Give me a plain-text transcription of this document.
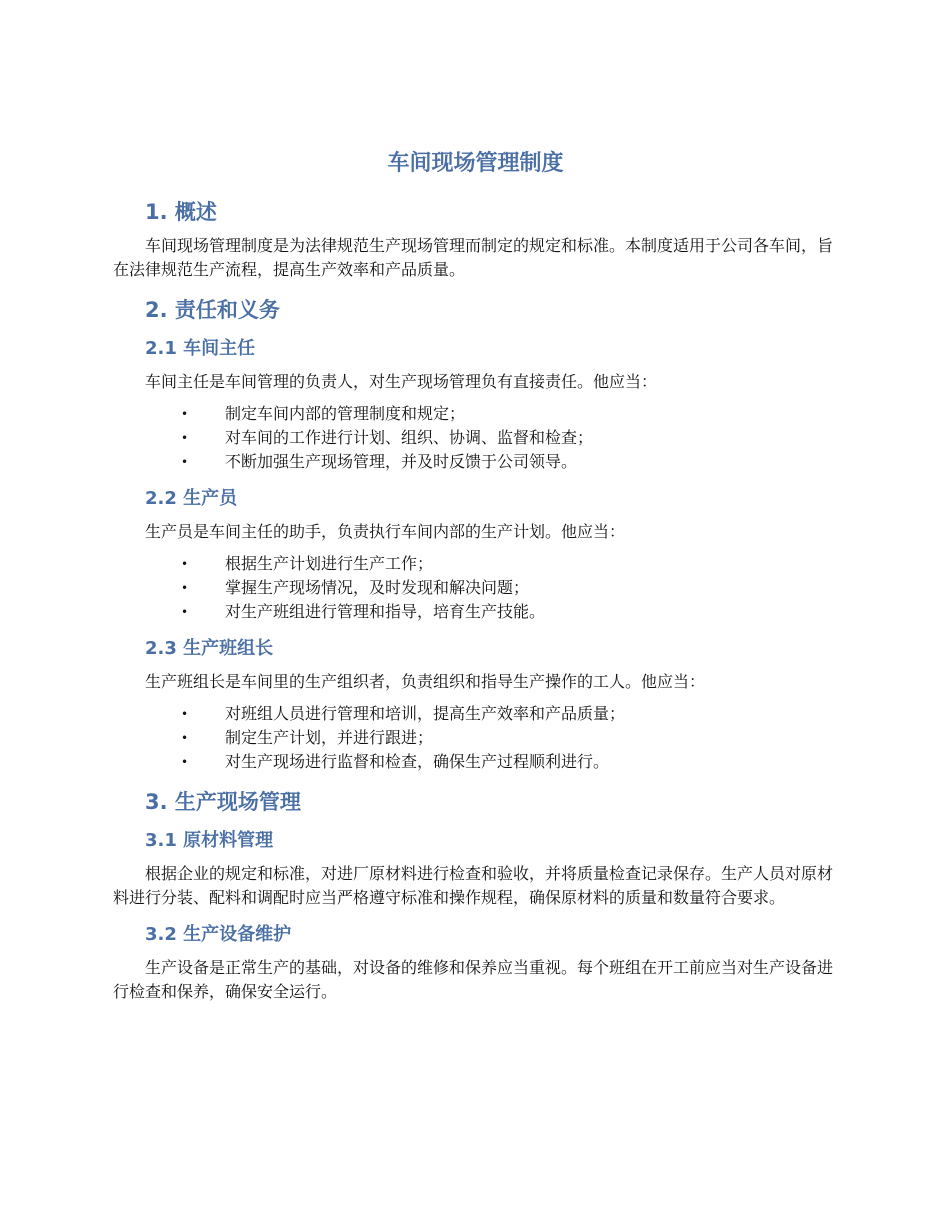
车间现场管理制度
1. 概述

车间现场管理制度是为法律规范生产现场管理而制定的规定和标准。本制度适用于公司各车间，旨在法律规范生产流程，提高生产效率和产品质量。

2. 责任和义务
2.1 车间主任

车间主任是车间管理的负责人，对生产现场管理负有直接责任。他应当：

• 制定车间内部的管理制度和规定；
• 对车间的工作进行计划、组织、协调、监督和检查；
• 不断加强生产现场管理，并及时反馈于公司领导。
2.2 生产员

生产员是车间主任的助手，负责执行车间内部的生产计划。他应当：

• 根据生产计划进行生产工作；
• 掌握生产现场情况，及时发现和解决问题；
• 对生产班组进行管理和指导，培育生产技能。
2.3 生产班组长

生产班组长是车间里的生产组织者，负责组织和指导生产操作的工人。他应当：

• 对班组人员进行管理和培训，提高生产效率和产品质量；
• 制定生产计划，并进行跟进；
• 对生产现场进行监督和检查，确保生产过程顺利进行。
3. 生产现场管理
3.1 原材料管理

根据企业的规定和标准，对进厂原材料进行检查和验收，并将质量检查记录保存。生产人员对原材料进行分装、配料和调配时应当严格遵守标准和操作规程，确保原材料的质量和数量符合要求。

3.2 生产设备维护

生产设备是正常生产的基础，对设备的维修和保养应当重视。每个班组在开工前应当对生产设备进行检查和保养，确保安全运行。
